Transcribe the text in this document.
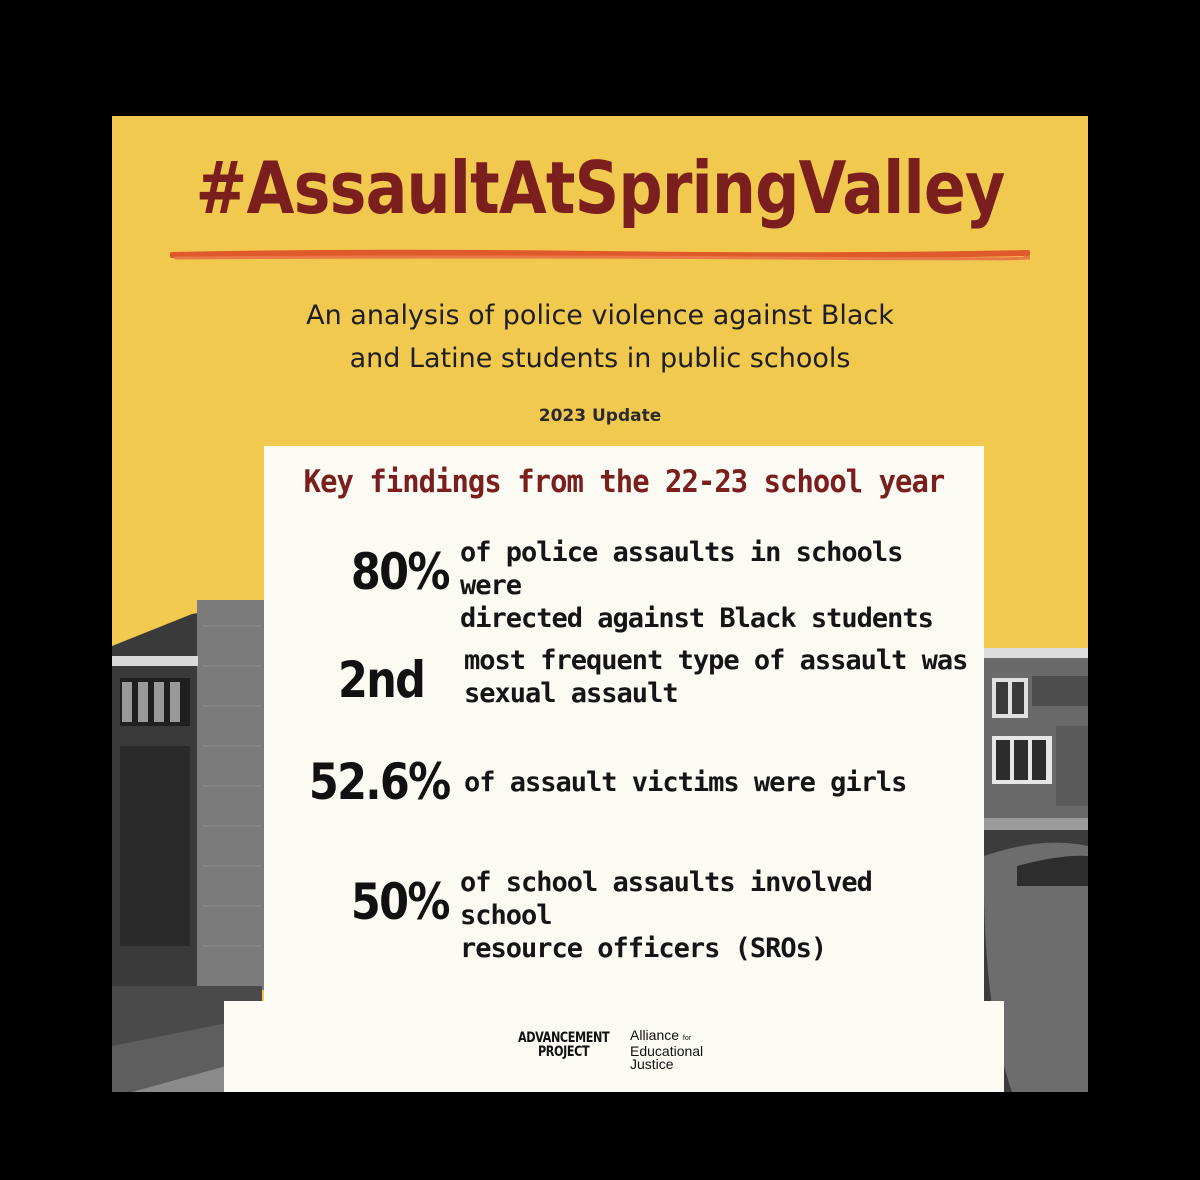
#AssaultAtSpringValley
An analysis of police violence against Black
and Latine students in public schools
2023 Update
Key findings from the 22-23 school year
80% of police assaults in schools were
directed against Black students
2nd most frequent type of assault was
sexual assault
52.6% of assault victims were girls
50% of school assaults involved school
resource officers (SROs)
ADVANCEMENT
PROJECT
Alliance for
Educational
Justice
